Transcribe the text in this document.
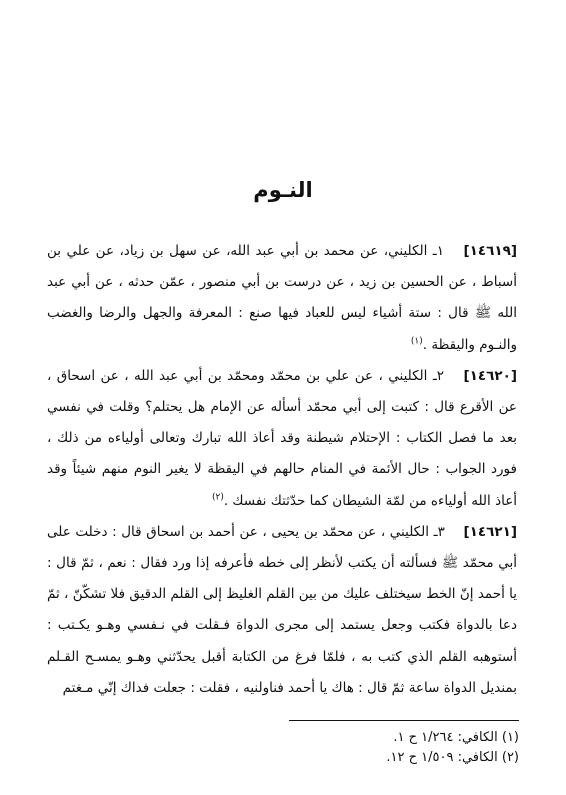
النـوم

[١٤٦١٩] ١ـ الكليني، عن محمد بن أبي عبد الله، عن سهل بن زياد، عن علي بن أسباط ، عن الحسين بن زيد ، عن درست بن أبي منصور ، عمّن حدثه ، عن أبي عبد الله ﷺ قال : ستة أشياء ليس للعباد فيها صنع : المعرفة والجهل والرضا والغضب والنـوم واليقظة .$^{(١)}$

[١٤٦٢٠] ٢ـ الكليني ، عن علي بن محمّد ومحمّد بن أبي عبد الله ، عن اسحاق ، عن الأقرع قال : كتبت إلى أبي محمّد أسأله عن الإمام هل يحتلم؟ وقلت في نفسي بعد ما فصل الكتاب : الإحتلام شيطنة وقد أعاذ الله تبارك وتعالى أولياءه من ذلك ، فورد الجواب : حال الأئمة في المنام حالهم في اليقظة لا يغير النوم منهم شيئاً وقد أعاذ الله أولياءه من لمّة الشيطان كما حدّثتك نفسك .$^{(٢)}$

[١٤٦٢١] ٣ـ الكليني ، عن محمّد بن يحيى ، عن أحمد بن اسحاق قال : دخلت على أبي محمّد ﷺ فسألته أن يكتب لأنظر إلى خطه فأعرفه إذا ورد فقال : نعم ، ثمّ قال : يا أحمد إنّ الخط سيختلف عليك من بين القلم الغليظ إلى القلم الدقيق فلا تشكّنّ ، ثمّ دعا بالدواة فكتب وجعل يستمد إلى مجرى الدواة فـقلت في نـفسي وهـو يكـتب : أستوهبه القلم الذي كتب به ، فلمّا فرغ من الكتابة أقبل يحدّثني وهـو يمسـح القـلم بمنديل الدواة ساعة ثمّ قال : هاك يا أحمد فناولنيه ، فقلت : جعلت فداك إنّي مـغتم

(١) الكافي: ١/٢٦٤ ح ١.

(٢) الكافي: ١/٥٠٩ ح ١٢.
